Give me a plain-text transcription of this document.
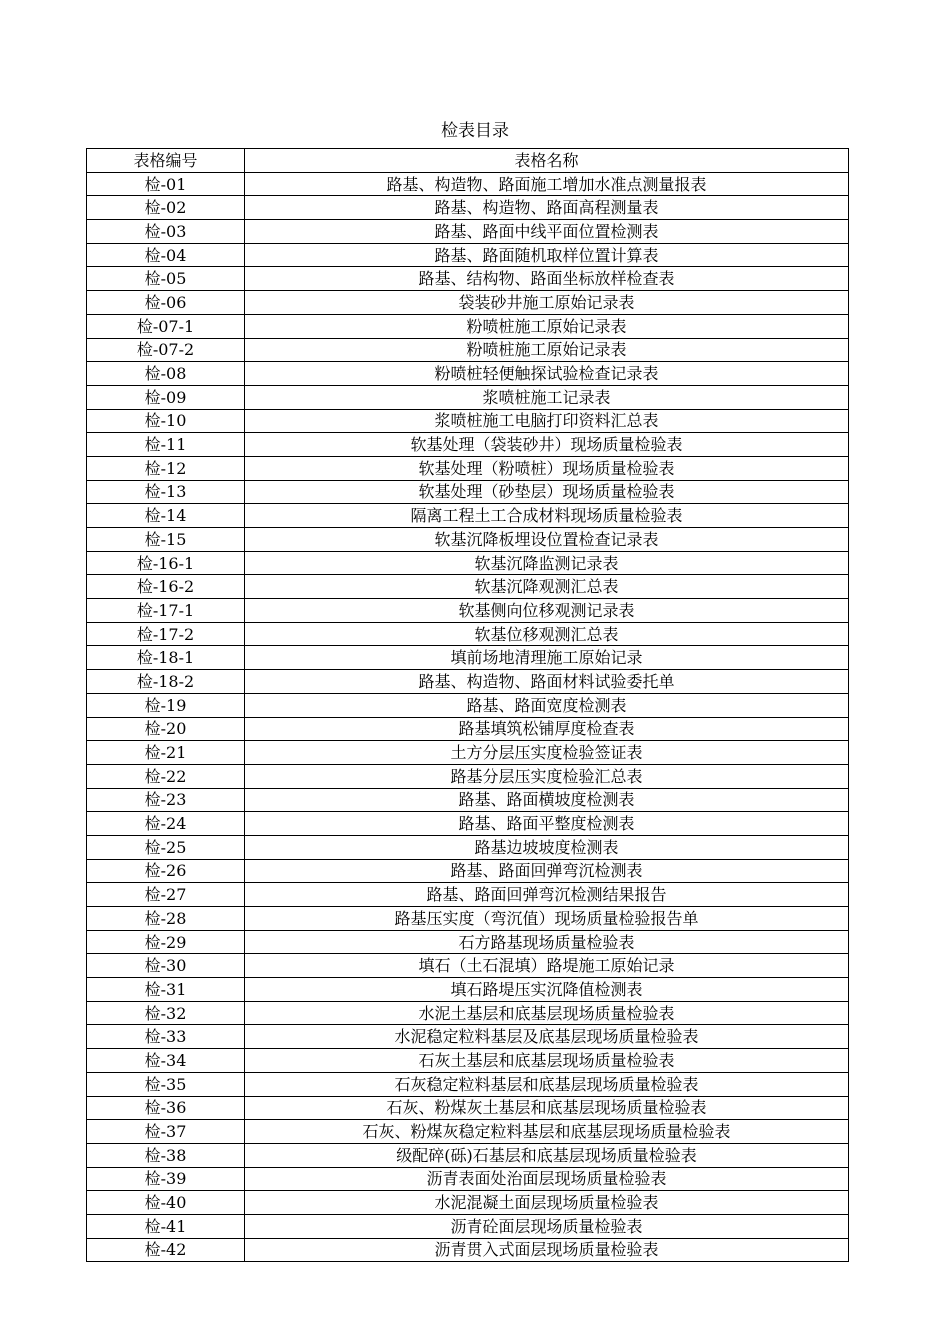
检表目录
表格编号	表格名称
检-01	路基、构造物、路面施工增加水准点测量报表
检-02	路基、构造物、路面高程测量表
检-03	路基、路面中线平面位置检测表
检-04	路基、路面随机取样位置计算表
检-05	路基、结构物、路面坐标放样检查表
检-06	袋装砂井施工原始记录表
检-07-1	粉喷桩施工原始记录表
检-07-2	粉喷桩施工原始记录表
检-08	粉喷桩轻便触探试验检查记录表
检-09	浆喷桩施工记录表
检-10	浆喷桩施工电脑打印资料汇总表
检-11	软基处理（袋装砂井）现场质量检验表
检-12	软基处理（粉喷桩）现场质量检验表
检-13	软基处理（砂垫层）现场质量检验表
检-14	隔离工程土工合成材料现场质量检验表
检-15	软基沉降板埋设位置检查记录表
检-16-1	软基沉降监测记录表
检-16-2	软基沉降观测汇总表
检-17-1	软基侧向位移观测记录表
检-17-2	软基位移观测汇总表
检-18-1	填前场地清理施工原始记录
检-18-2	路基、构造物、路面材料试验委托单
检-19	路基、路面宽度检测表
检-20	路基填筑松铺厚度检查表
检-21	土方分层压实度检验签证表
检-22	路基分层压实度检验汇总表
检-23	路基、路面横坡度检测表
检-24	路基、路面平整度检测表
检-25	路基边坡坡度检测表
检-26	路基、路面回弹弯沉检测表
检-27	路基、路面回弹弯沉检测结果报告
检-28	路基压实度（弯沉值）现场质量检验报告单
检-29	石方路基现场质量检验表
检-30	填石（土石混填）路堤施工原始记录
检-31	填石路堤压实沉降值检测表
检-32	水泥土基层和底基层现场质量检验表
检-33	水泥稳定粒料基层及底基层现场质量检验表
检-34	石灰土基层和底基层现场质量检验表
检-35	石灰稳定粒料基层和底基层现场质量检验表
检-36	石灰、粉煤灰土基层和底基层现场质量检验表
检-37	石灰、粉煤灰稳定粒料基层和底基层现场质量检验表
检-38	级配碎(砾)石基层和底基层现场质量检验表
检-39	沥青表面处治面层现场质量检验表
检-40	水泥混凝土面层现场质量检验表
检-41	沥青砼面层现场质量检验表
检-42	沥青贯入式面层现场质量检验表
